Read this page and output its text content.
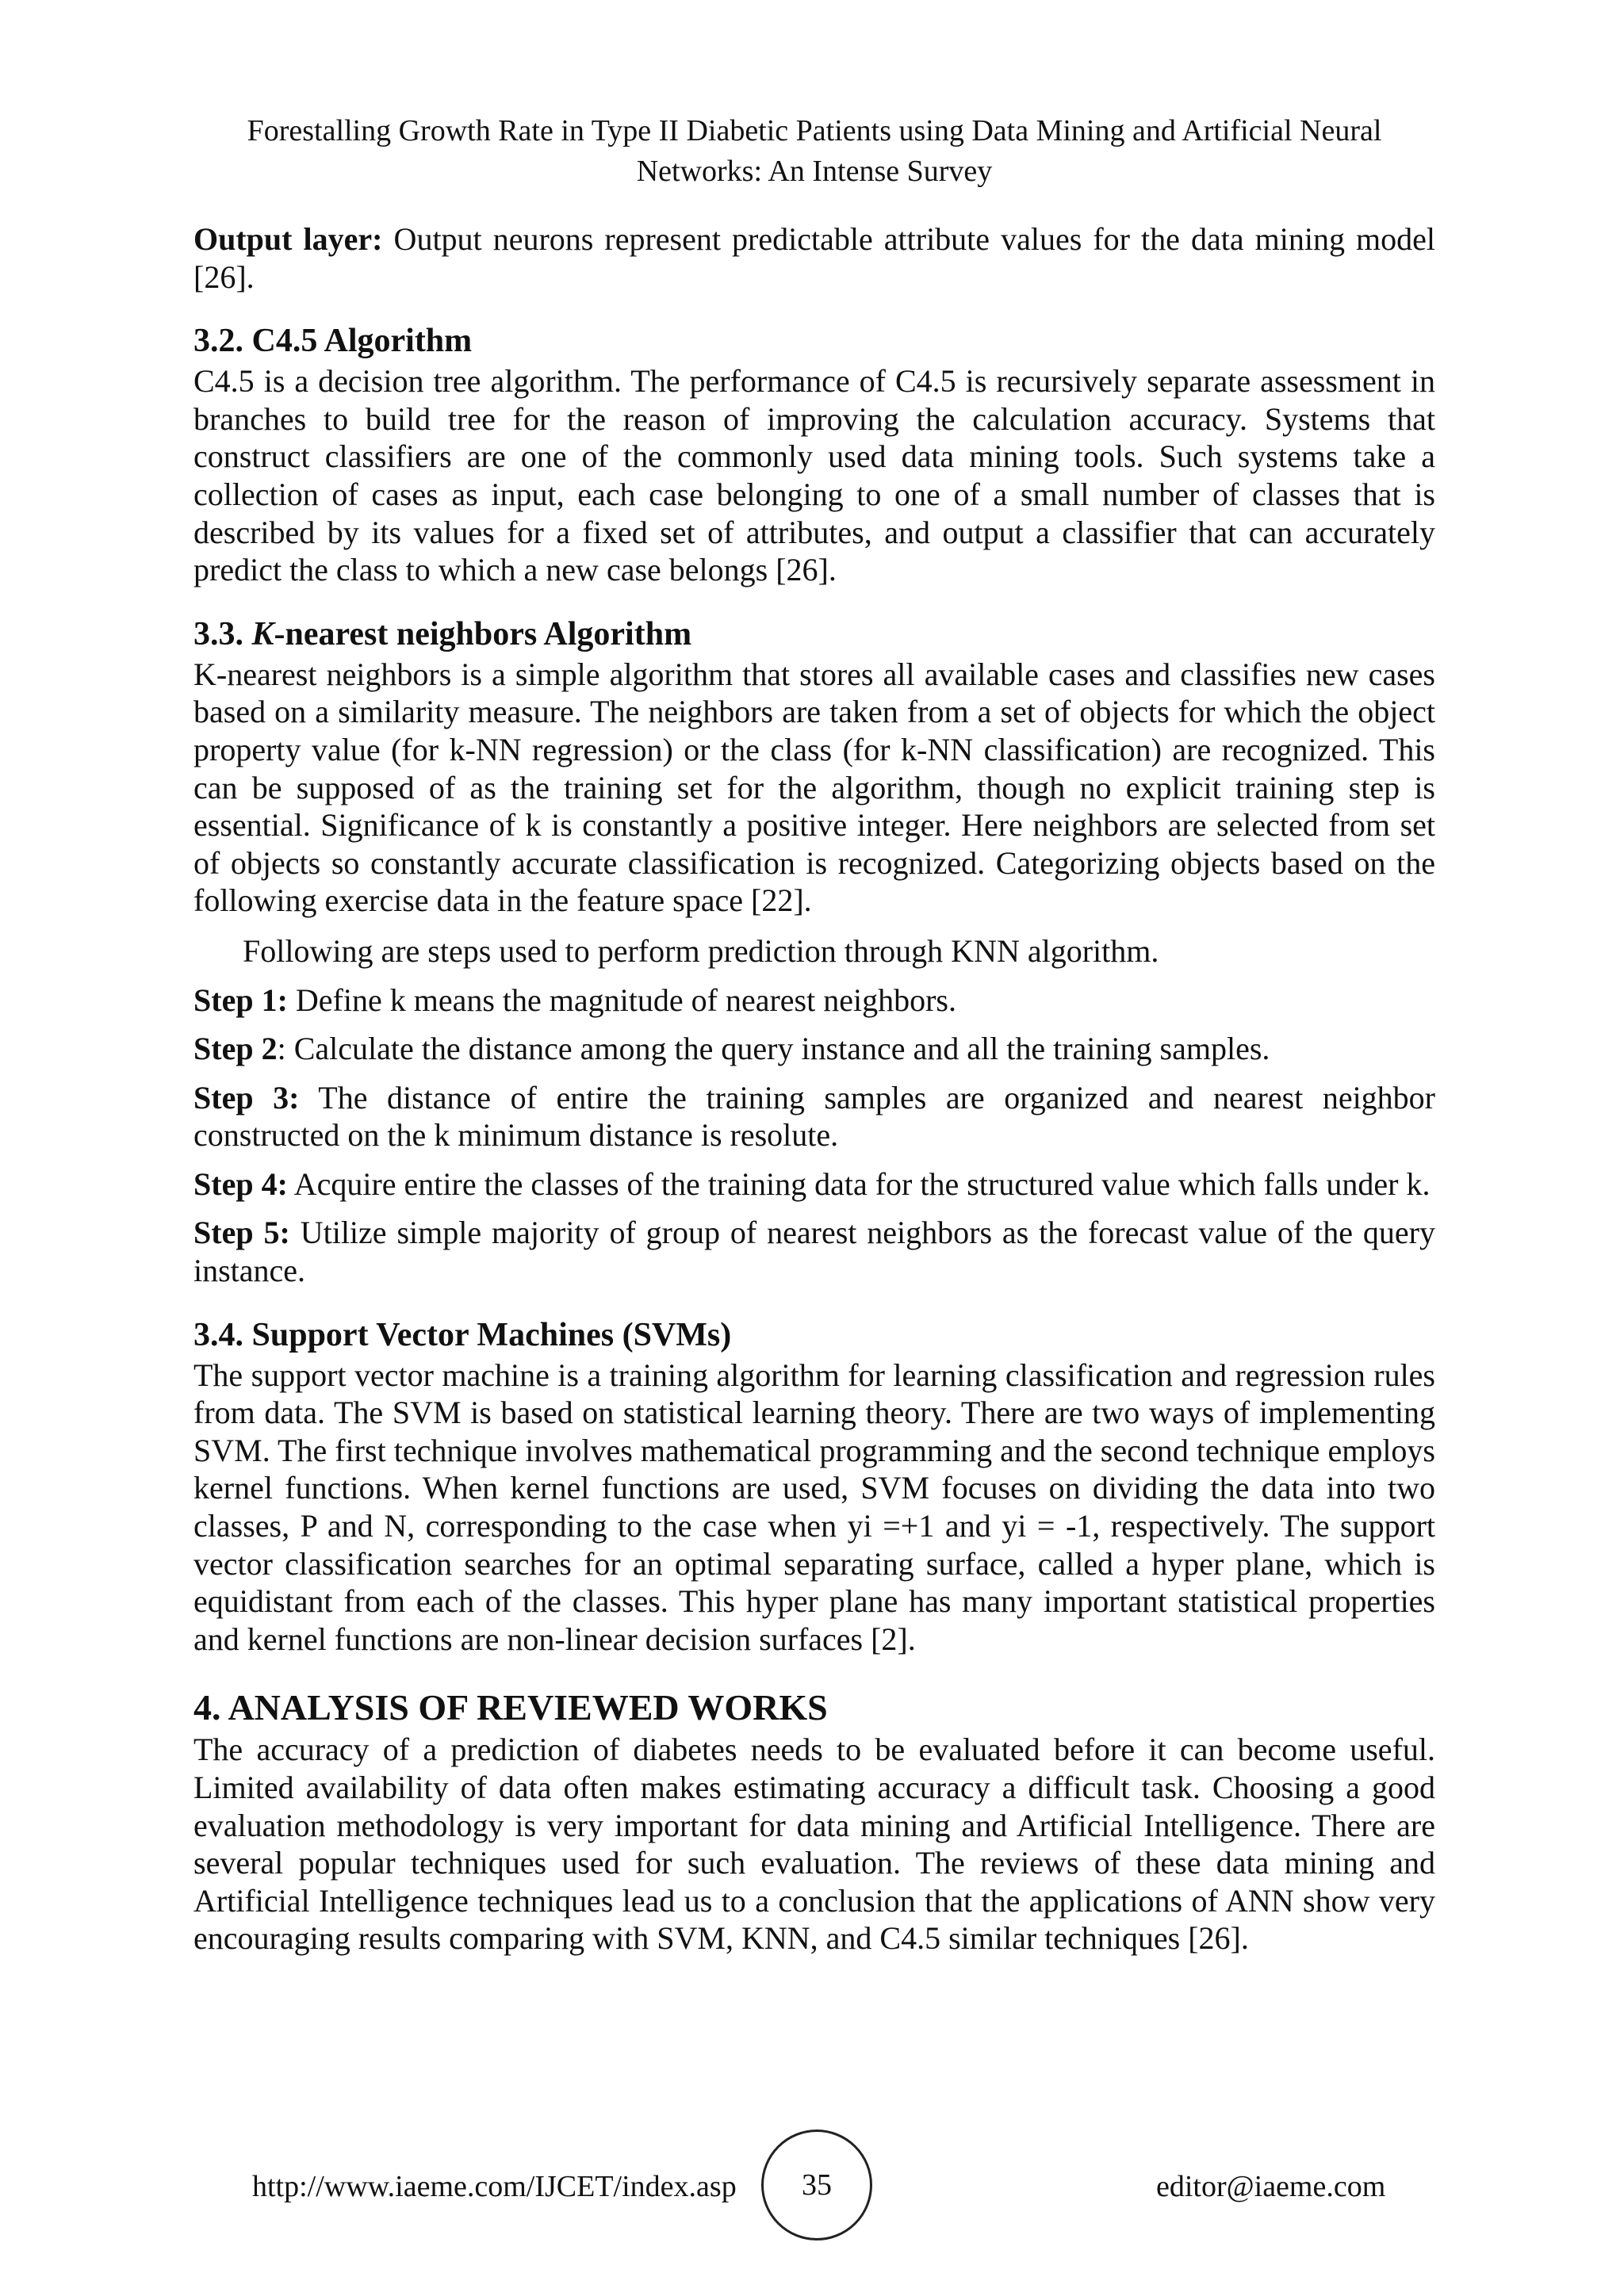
Forestalling Growth Rate in Type II Diabetic Patients using Data Mining and Artificial Neural
Networks: An Intense Survey

Output layer: Output neurons represent predictable attribute values for the data mining model [26].

3.2. C4.5 Algorithm

C4.5 is a decision tree algorithm. The performance of C4.5 is recursively separate assessment in branches to build tree for the reason of improving the calculation accuracy. Systems that construct classifiers are one of the commonly used data mining tools. Such systems take a collection of cases as input, each case belonging to one of a small number of classes that is described by its values for a fixed set of attributes, and output a classifier that can accurately predict the class to which a new case belongs [26].

3.3. K-nearest neighbors Algorithm

K-nearest neighbors is a simple algorithm that stores all available cases and classifies new cases based on a similarity measure. The neighbors are taken from a set of objects for which the object property value (for k-NN regression) or the class (for k-NN classification) are recognized. This can be supposed of as the training set for the algorithm, though no explicit training step is essential. Significance of k is constantly a positive integer. Here neighbors are selected from set of objects so constantly accurate classification is recognized. Categorizing objects based on the following exercise data in the feature space [22].

Following are steps used to perform prediction through KNN algorithm.

Step 1: Define k means the magnitude of nearest neighbors.

Step 2: Calculate the distance among the query instance and all the training samples.

Step 3: The distance of entire the training samples are organized and nearest neighbor constructed on the k minimum distance is resolute.

Step 4: Acquire entire the classes of the training data for the structured value which falls under k.

Step 5: Utilize simple majority of group of nearest neighbors as the forecast value of the query instance.

3.4. Support Vector Machines (SVMs)

The support vector machine is a training algorithm for learning classification and regression rules from data. The SVM is based on statistical learning theory. There are two ways of implementing SVM. The first technique involves mathematical programming and the second technique employs kernel functions. When kernel functions are used, SVM focuses on dividing the data into two classes, P and N, corresponding to the case when yi =+1 and yi = -1, respectively. The support vector classification searches for an optimal separating surface, called a hyper plane, which is equidistant from each of the classes. This hyper plane has many important statistical properties and kernel functions are non-linear decision surfaces [2].

4. ANALYSIS OF REVIEWED WORKS

The accuracy of a prediction of diabetes needs to be evaluated before it can become useful. Limited availability of data often makes estimating accuracy a difficult task. Choosing a good evaluation methodology is very important for data mining and Artificial Intelligence. There are several popular techniques used for such evaluation. The reviews of these data mining and Artificial Intelligence techniques lead us to a conclusion that the applications of ANN show very encouraging results comparing with SVM, KNN, and C4.5 similar techniques [26].

http://www.iaeme.com/IJCET/index.asp 35	editor@iaeme.com
